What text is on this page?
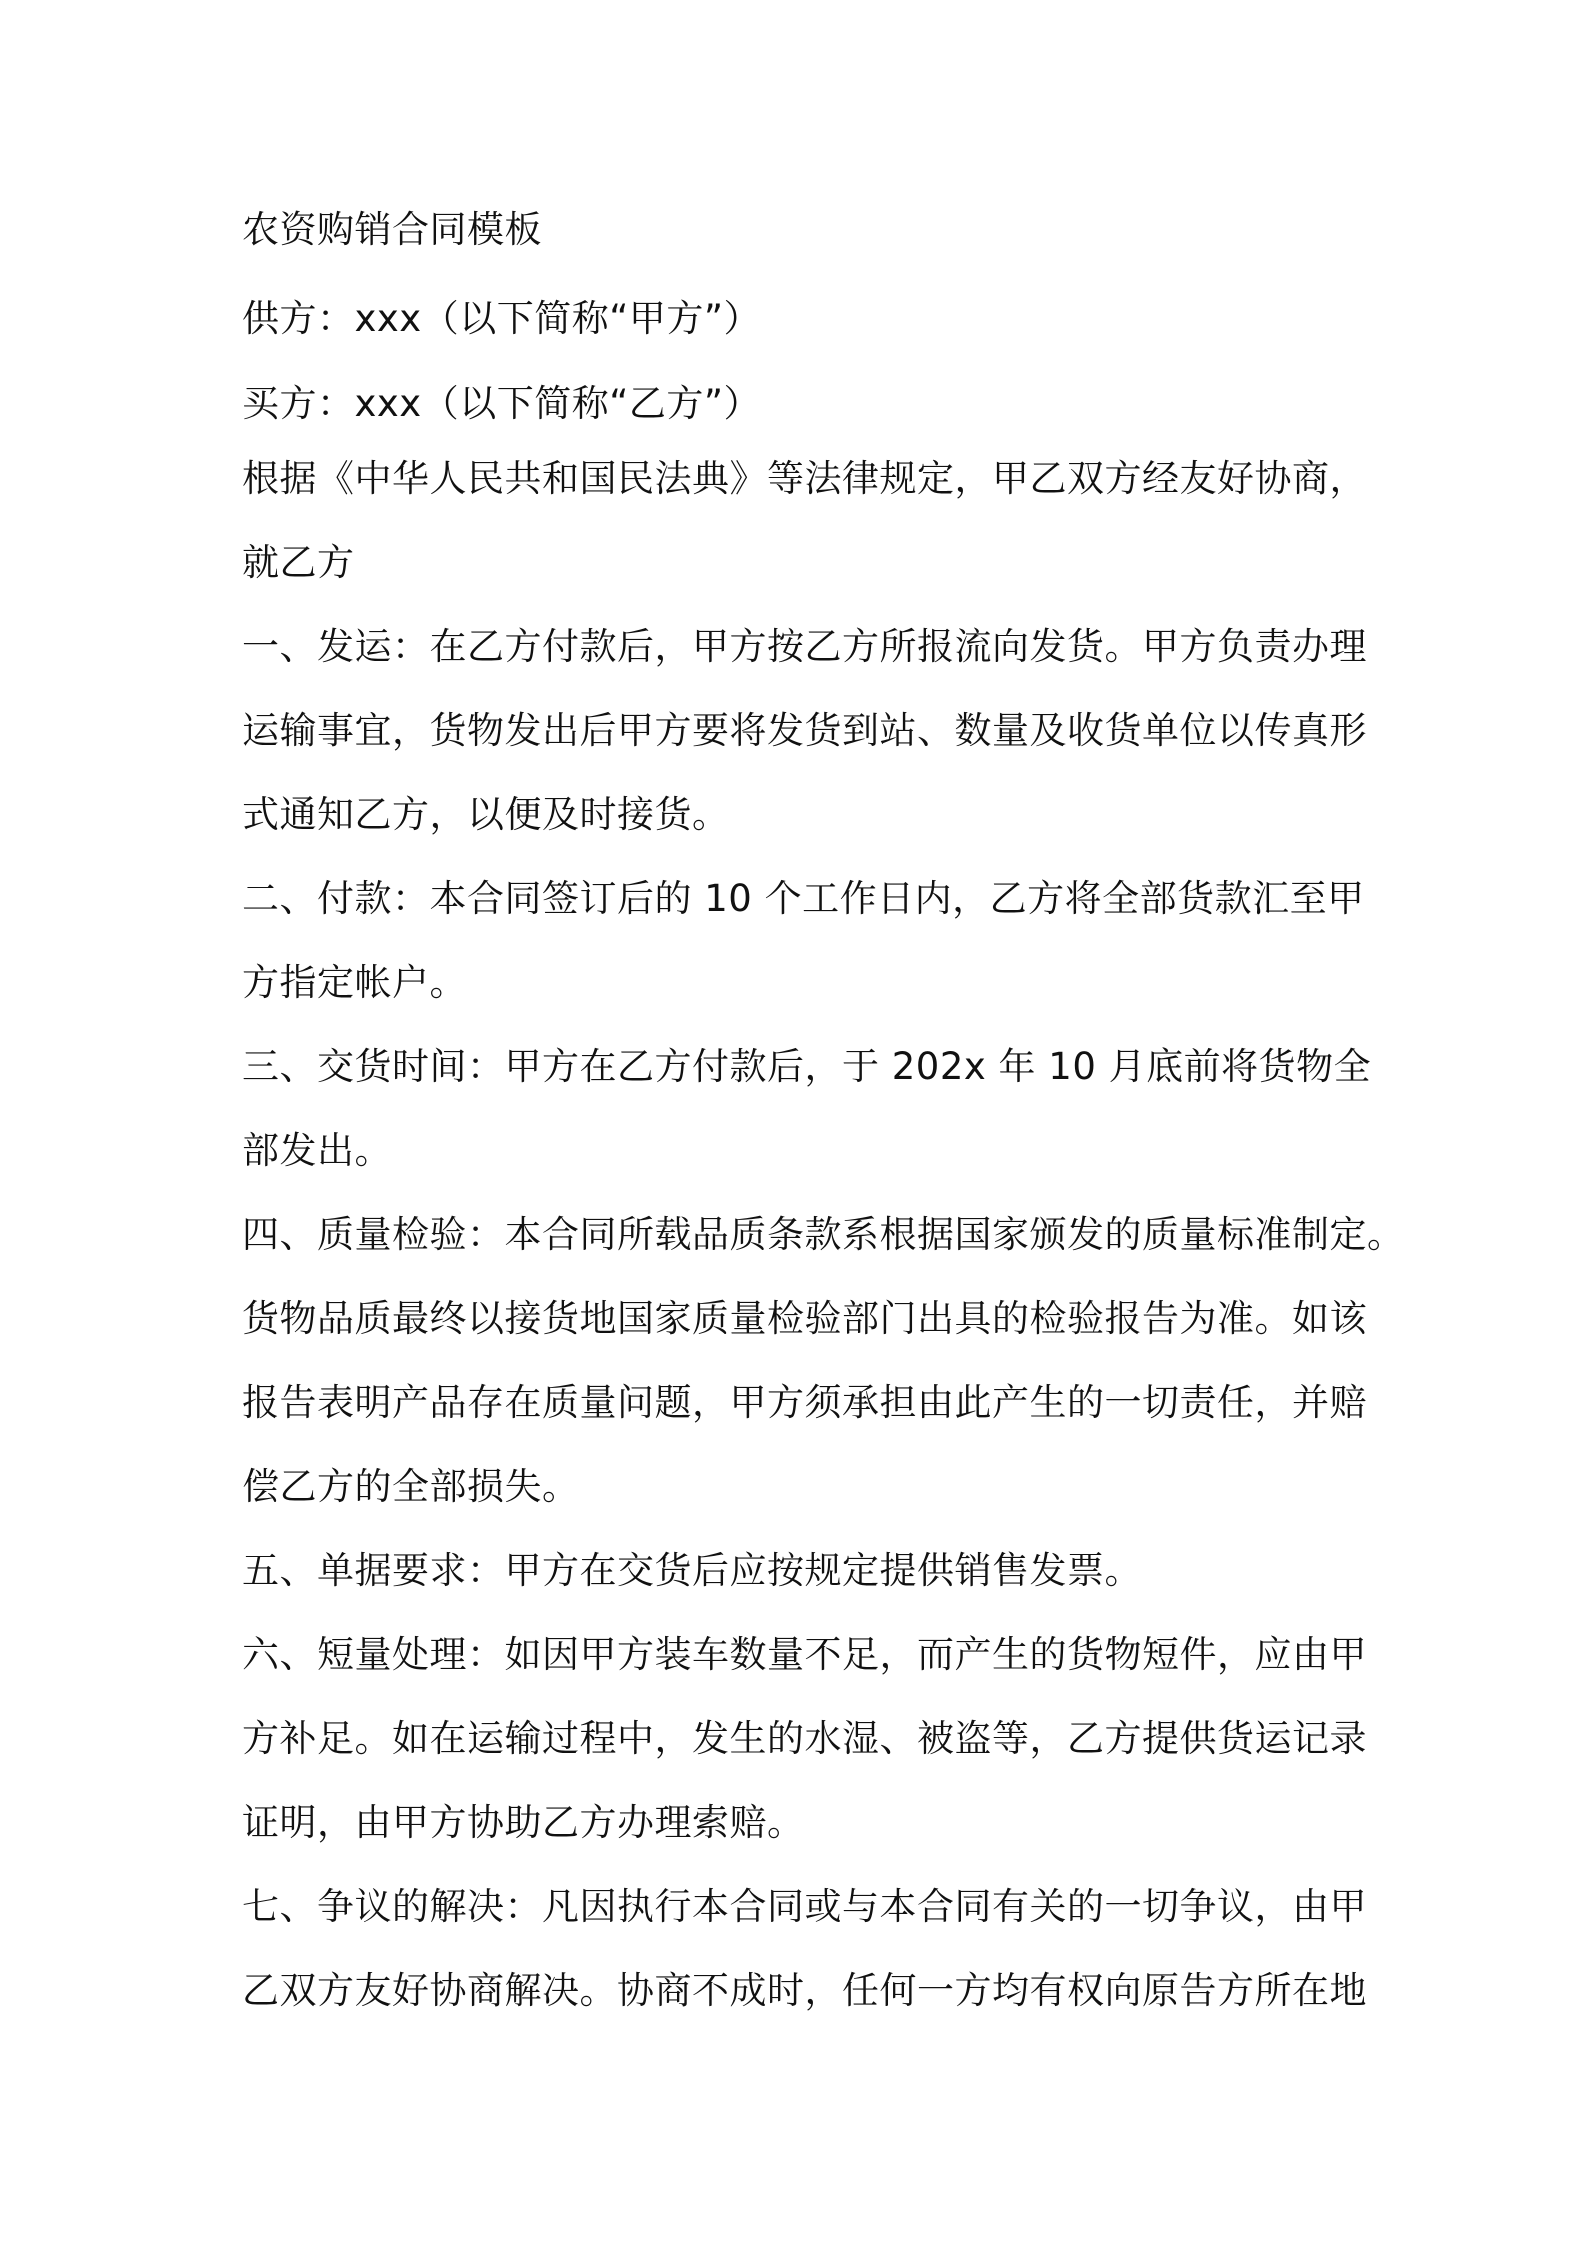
农资购销合同模板
供方：xxx（以下简称“甲方”）
买方：xxx（以下简称“乙方”）
根据《中华人民共和国民法典》等法律规定，甲乙双方经友好协商，
就乙方
一、发运：在乙方付款后，甲方按乙方所报流向发货。甲方负责办理
运输事宜，货物发出后甲方要将发货到站、数量及收货单位以传真形
式通知乙方，以便及时接货。
二、付款：本合同签订后的 10 个工作日内，乙方将全部货款汇至甲
方指定帐户。
三、交货时间：甲方在乙方付款后，于 202x 年 10 月底前将货物全
部发出。
四、质量检验：本合同所载品质条款系根据国家颁发的质量标准制定。
货物品质最终以接货地国家质量检验部门出具的检验报告为准。如该
报告表明产品存在质量问题，甲方须承担由此产生的一切责任，并赔
偿乙方的全部损失。
五、单据要求：甲方在交货后应按规定提供销售发票。
六、短量处理：如因甲方装车数量不足，而产生的货物短件，应由甲
方补足。如在运输过程中，发生的水湿、被盗等，乙方提供货运记录
证明，由甲方协助乙方办理索赔。
七、争议的解决：凡因执行本合同或与本合同有关的一切争议，由甲
乙双方友好协商解决。协商不成时，任何一方均有权向原告方所在地
